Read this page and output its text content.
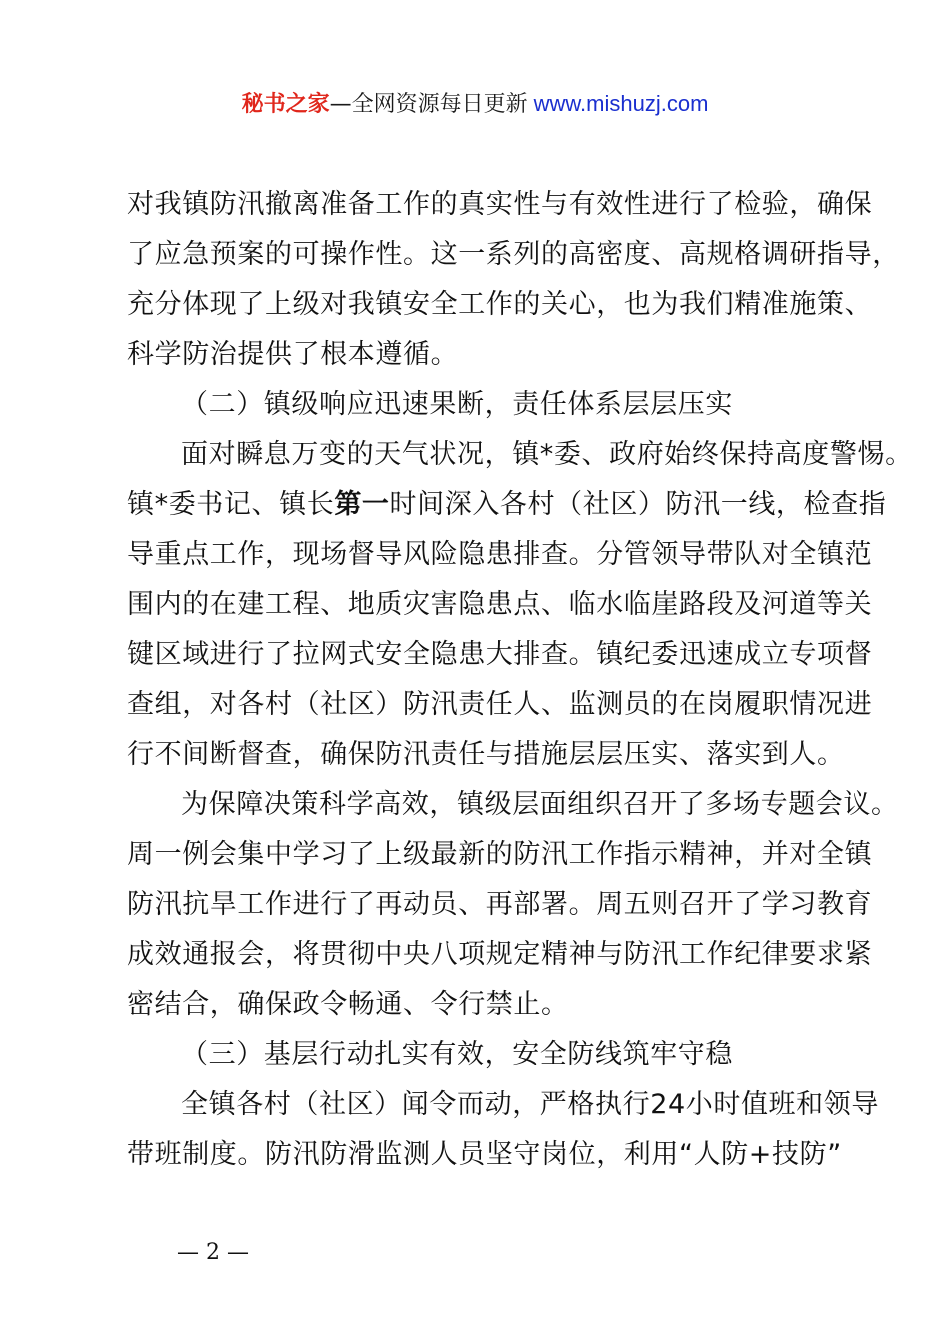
秘书之家—全网资源每日更新 www.mishuzj.com
对我镇防汛撤离准备工作的真实性与有效性进行了检验，确保
了应急预案的可操作性。这一系列的高密度、高规格调研指导，
充分体现了上级对我镇安全工作的关心，也为我们精准施策、
科学防治提供了根本遵循。
（二）镇级响应迅速果断，责任体系层层压实
面对瞬息万变的天气状况，镇*委、政府始终保持高度警惕。
镇*委书记、镇长第一时间深入各村（社区）防汛一线，检查指
导重点工作，现场督导风险隐患排查。分管领导带队对全镇范
围内的在建工程、地质灾害隐患点、临水临崖路段及河道等关
键区域进行了拉网式安全隐患大排查。镇纪委迅速成立专项督
查组，对各村（社区）防汛责任人、监测员的在岗履职情况进
行不间断督查，确保防汛责任与措施层层压实、落实到人。
为保障决策科学高效，镇级层面组织召开了多场专题会议。
周一例会集中学习了上级最新的防汛工作指示精神，并对全镇
防汛抗旱工作进行了再动员、再部署。周五则召开了学习教育
成效通报会，将贯彻中央八项规定精神与防汛工作纪律要求紧
密结合，确保政令畅通、令行禁止。
（三）基层行动扎实有效，安全防线筑牢守稳
全镇各村（社区）闻令而动，严格执行24小时值班和领导
带班制度。防汛防滑监测人员坚守岗位，利用“人防+技防”
— 2 —
